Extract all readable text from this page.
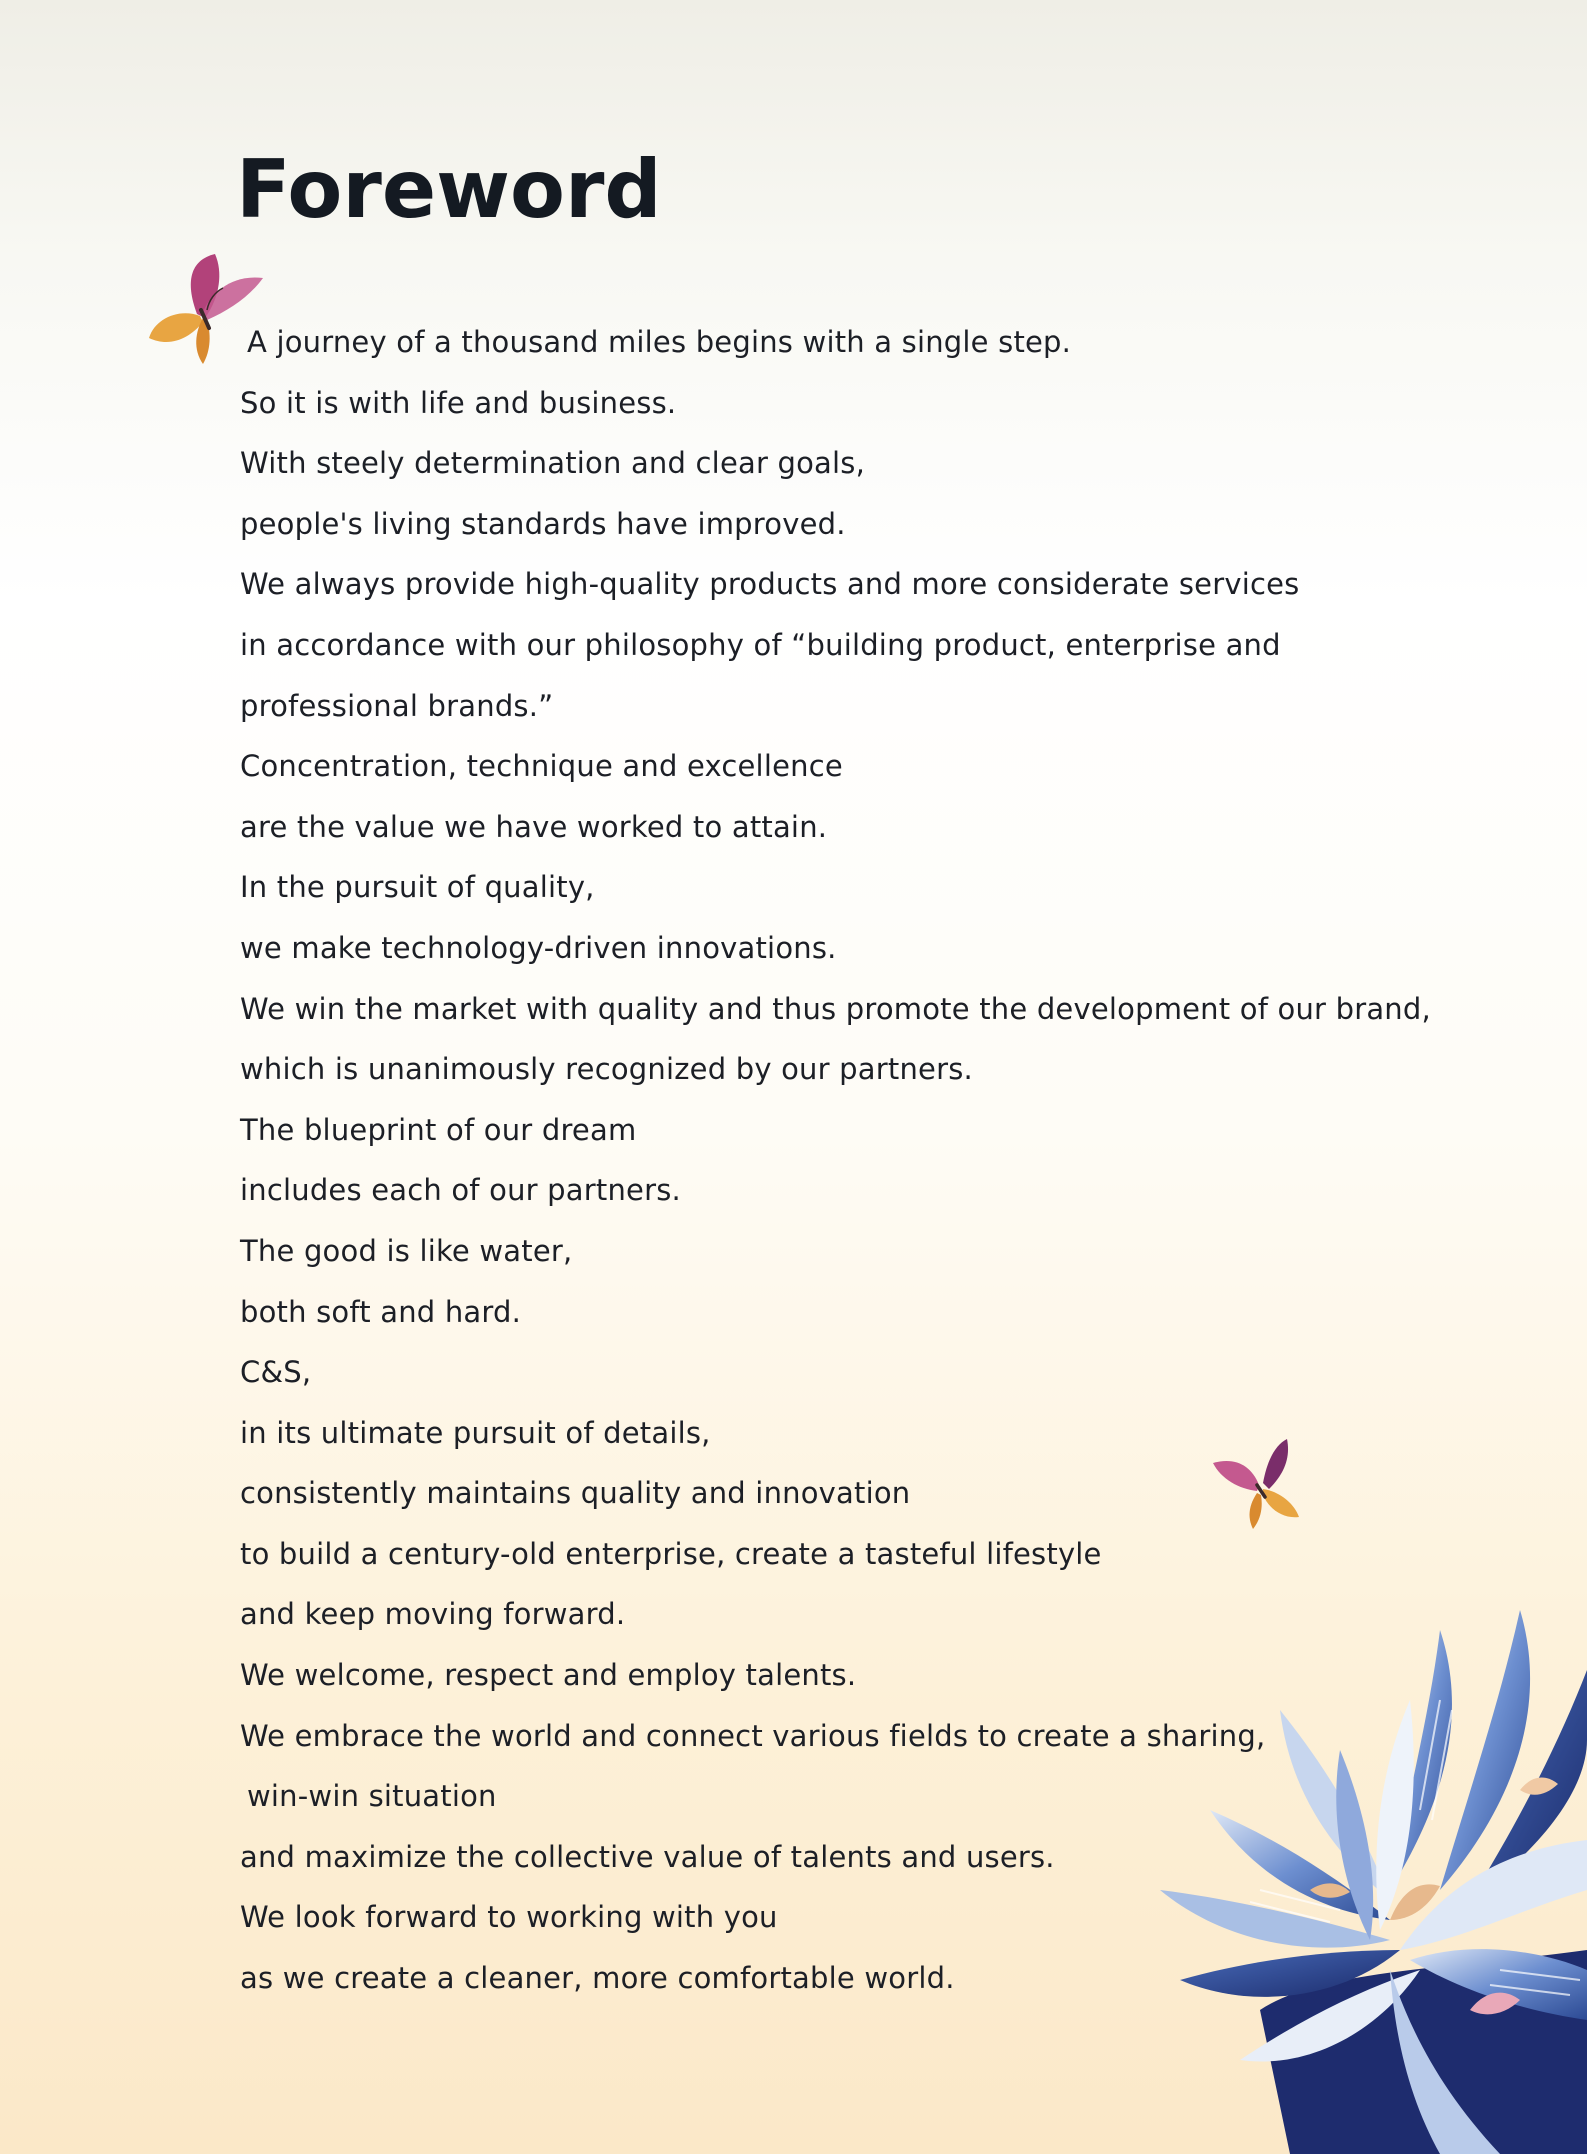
Foreword
A journey of a thousand miles begins with a single step.
So it is with life and business.
With steely determination and clear goals,
people's living standards have improved.
We always provide high-quality products and more considerate services
in accordance with our philosophy of “building product, enterprise and
professional brands.”
Concentration, technique and excellence
are the value we have worked to attain.
In the pursuit of quality,
we make technology-driven innovations.
We win the market with quality and thus promote the development of our brand,
which is unanimously recognized by our partners.
The blueprint of our dream
includes each of our partners.
The good is like water,
both soft and hard.
C&S,
in its ultimate pursuit of details,
consistently maintains quality and innovation
to build a century-old enterprise, create a tasteful lifestyle
and keep moving forward.
We welcome, respect and employ talents.
We embrace the world and connect various fields to create a sharing,
win-win situation
and maximize the collective value of talents and users.
We look forward to working with you
as we create a cleaner, more comfortable world.
